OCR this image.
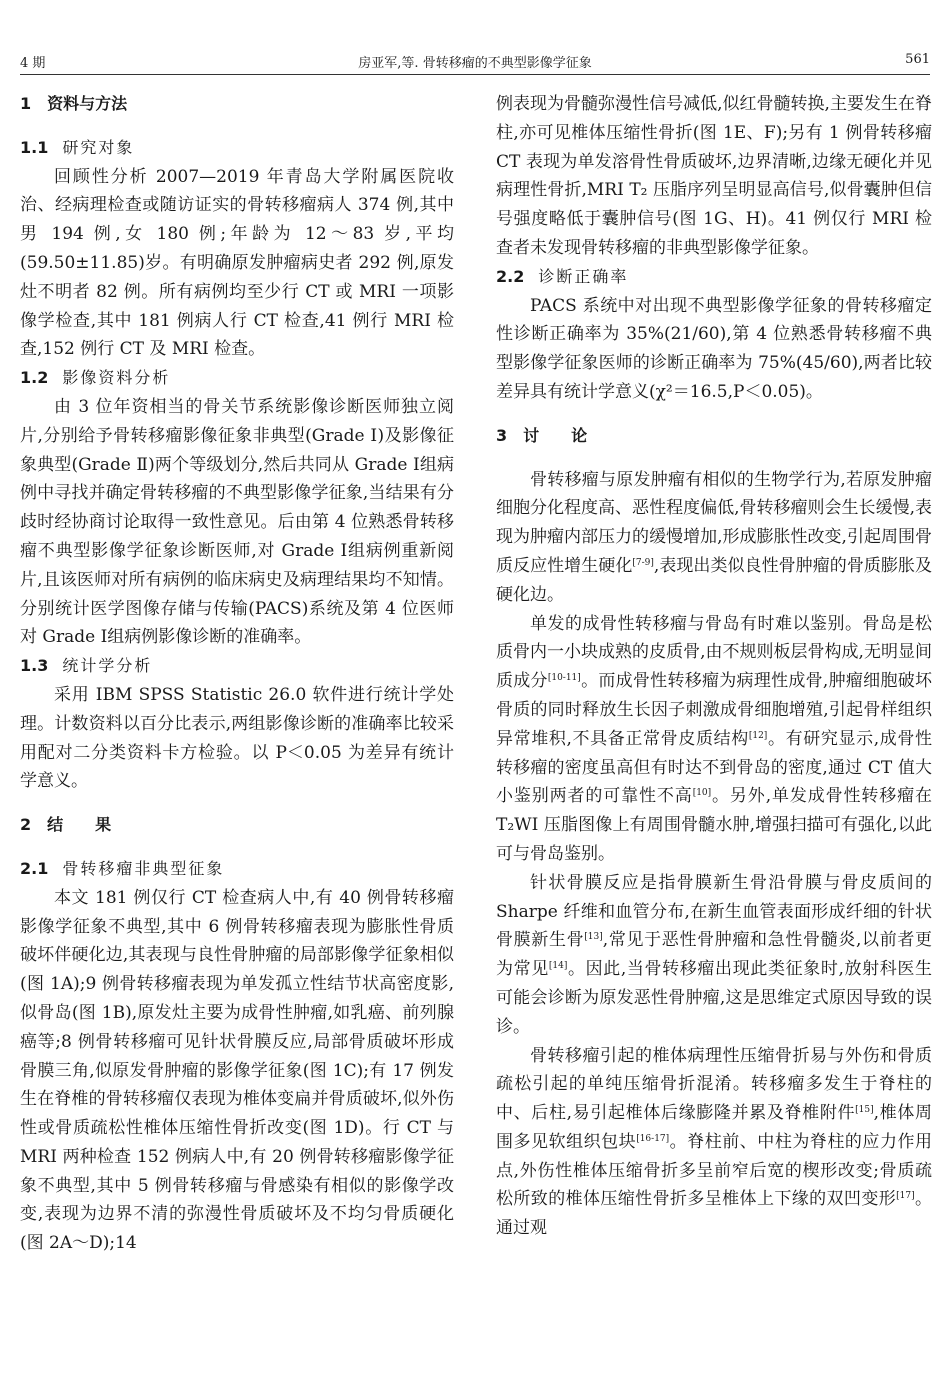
4 期	房亚军,等. 骨转移瘤的不典型影像学征象	561
1　资料与方法
1.1 研究对象

回顾性分析 2007—2019 年青岛大学附属医院收治、经病理检查或随访证实的骨转移瘤病人 374 例,其中男 194 例,女 180 例;年龄为 12～83 岁,平均(59.50±11.85)岁。有明确原发肿瘤病史者 292 例,原发灶不明者 82 例。所有病例均至少行 CT 或 MRI 一项影像学检查,其中 181 例病人行 CT 检查,41 例行 MRI 检查,152 例行 CT 及 MRI 检查。

1.2 影像资料分析

由 3 位年资相当的骨关节系统影像诊断医师独立阅片,分别给予骨转移瘤影像征象非典型(Grade Ⅰ)及影像征象典型(Grade Ⅱ)两个等级划分,然后共同从 Grade Ⅰ组病例中寻找并确定骨转移瘤的不典型影像学征象,当结果有分歧时经协商讨论取得一致性意见。后由第 4 位熟悉骨转移瘤不典型影像学征象诊断医师,对 Grade Ⅰ组病例重新阅片,且该医师对所有病例的临床病史及病理结果均不知情。分别统计医学图像存储与传输(PACS)系统及第 4 位医师对 Grade Ⅰ组病例影像诊断的准确率。

1.3 统计学分析

采用 IBM SPSS Statistic 26.0 软件进行统计学处理。计数资料以百分比表示,两组影像诊断的准确率比较采用配对二分类资料卡方检验。以 P＜0.05 为差异有统计学意义。

2　结　　果
2.1 骨转移瘤非典型征象

本文 181 例仅行 CT 检查病人中,有 40 例骨转移瘤影像学征象不典型,其中 6 例骨转移瘤表现为膨胀性骨质破坏伴硬化边,其表现与良性骨肿瘤的局部影像学征象相似(图 1A);9 例骨转移瘤表现为单发孤立性结节状高密度影,似骨岛(图 1B),原发灶主要为成骨性肿瘤,如乳癌、前列腺癌等;8 例骨转移瘤可见针状骨膜反应,局部骨质破坏形成骨膜三角,似原发骨肿瘤的影像学征象(图 1C);有 17 例发生在脊椎的骨转移瘤仅表现为椎体变扁并骨质破坏,似外伤性或骨质疏松性椎体压缩性骨折改变(图 1D)。行 CT 与 MRI 两种检查 152 例病人中,有 20 例骨转移瘤影像学征象不典型,其中 5 例骨转移瘤与骨感染有相似的影像学改变,表现为边界不清的弥漫性骨质破坏及不均匀骨质硬化(图 2A～D);14

例表现为骨髓弥漫性信号减低,似红骨髓转换,主要发生在脊柱,亦可见椎体压缩性骨折(图 1E、F);另有 1 例骨转移瘤 CT 表现为单发溶骨性骨质破坏,边界清晰,边缘无硬化并见病理性骨折,MRI T₂ 压脂序列呈明显高信号,似骨囊肿但信号强度略低于囊肿信号(图 1G、H)。41 例仅行 MRI 检查者未发现骨转移瘤的非典型影像学征象。

2.2 诊断正确率

PACS 系统中对出现不典型影像学征象的骨转移瘤定性诊断正确率为 35%(21/60),第 4 位熟悉骨转移瘤不典型影像学征象医师的诊断正确率为 75%(45/60),两者比较差异具有统计学意义(χ²＝16.5,P＜0.05)。

3　讨　　论

骨转移瘤与原发肿瘤有相似的生物学行为,若原发肿瘤细胞分化程度高、恶性程度偏低,骨转移瘤则会生长缓慢,表现为肿瘤内部压力的缓慢增加,形成膨胀性改变,引起周围骨质反应性增生硬化[7-9],表现出类似良性骨肿瘤的骨质膨胀及硬化边。

单发的成骨性转移瘤与骨岛有时难以鉴别。骨岛是松质骨内一小块成熟的皮质骨,由不规则板层骨构成,无明显间质成分[10-11]。而成骨性转移瘤为病理性成骨,肿瘤细胞破坏骨质的同时释放生长因子刺激成骨细胞增殖,引起骨样组织异常堆积,不具备正常骨皮质结构[12]。有研究显示,成骨性转移瘤的密度虽高但有时达不到骨岛的密度,通过 CT 值大小鉴别两者的可靠性不高[10]。另外,单发成骨性转移瘤在 T₂WI 压脂图像上有周围骨髓水肿,增强扫描可有强化,以此可与骨岛鉴别。

针状骨膜反应是指骨膜新生骨沿骨膜与骨皮质间的 Sharpe 纤维和血管分布,在新生血管表面形成纤细的针状骨膜新生骨[13],常见于恶性骨肿瘤和急性骨髓炎,以前者更为常见[14]。因此,当骨转移瘤出现此类征象时,放射科医生可能会诊断为原发恶性骨肿瘤,这是思维定式原因导致的误诊。

骨转移瘤引起的椎体病理性压缩骨折易与外伤和骨质疏松引起的单纯压缩骨折混淆。转移瘤多发生于脊柱的中、后柱,易引起椎体后缘膨隆并累及脊椎附件[15],椎体周围多见软组织包块[16-17]。脊柱前、中柱为脊柱的应力作用点,外伤性椎体压缩骨折多呈前窄后宽的楔形改变;骨质疏松所致的椎体压缩性骨折多呈椎体上下缘的双凹变形[17]。通过观
